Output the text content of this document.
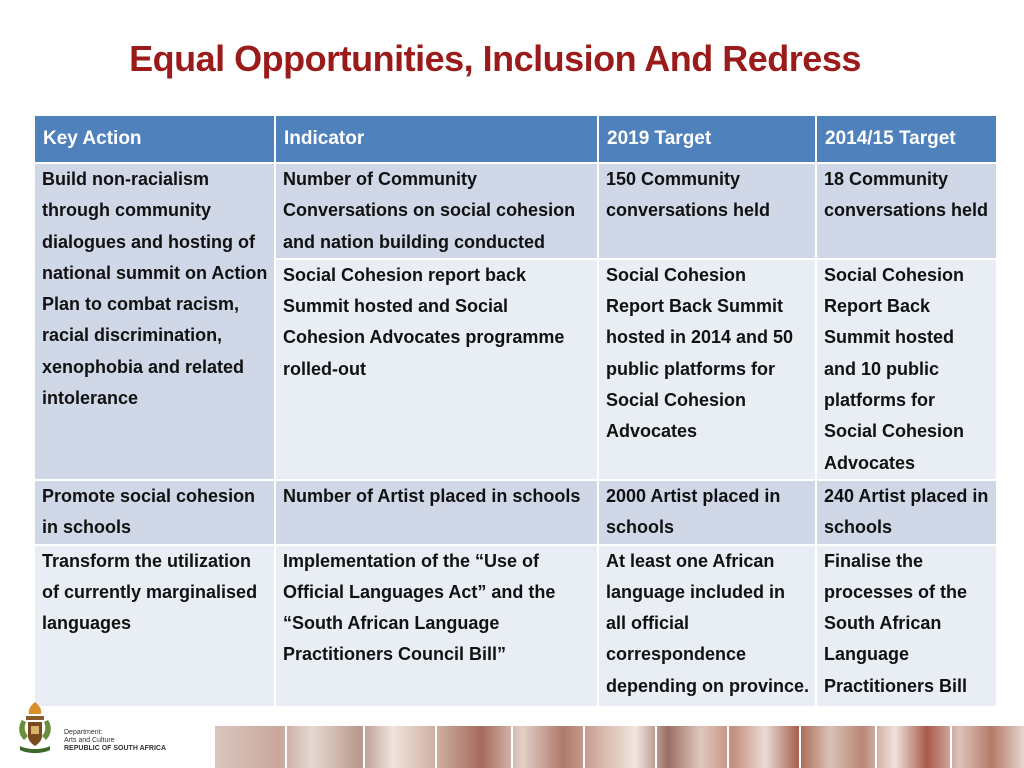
Equal Opportunities, Inclusion And Redress
Key Action	Indicator	2019 Target	2014/15 Target
Build non-racialism through community dialogues and hosting of national summit on Action Plan to combat racism, racial discrimination, xenophobia and related intolerance	Number of Community Conversations on social cohesion and nation building conducted	150 Community conversations held	18 Community conversations held
	Social Cohesion report back Summit hosted and Social Cohesion Advocates programme rolled-out	Social Cohesion Report Back Summit hosted in 2014 and 50 public platforms for Social Cohesion Advocates	Social Cohesion Report Back Summit hosted and 10 public platforms for Social Cohesion Advocates
Promote social cohesion in schools	Number of Artist placed in schools	2000 Artist placed in schools	240 Artist placed in schools
Transform the utilization of currently marginalised languages	Implementation of the “Use of Official Languages Act” and the “South African Language Practitioners Council Bill”	At least one African language included in all official correspondence depending on province.	Finalise the processes of the South African Language Practitioners Bill
Department:
Arts and Culture
REPUBLIC OF SOUTH AFRICA
